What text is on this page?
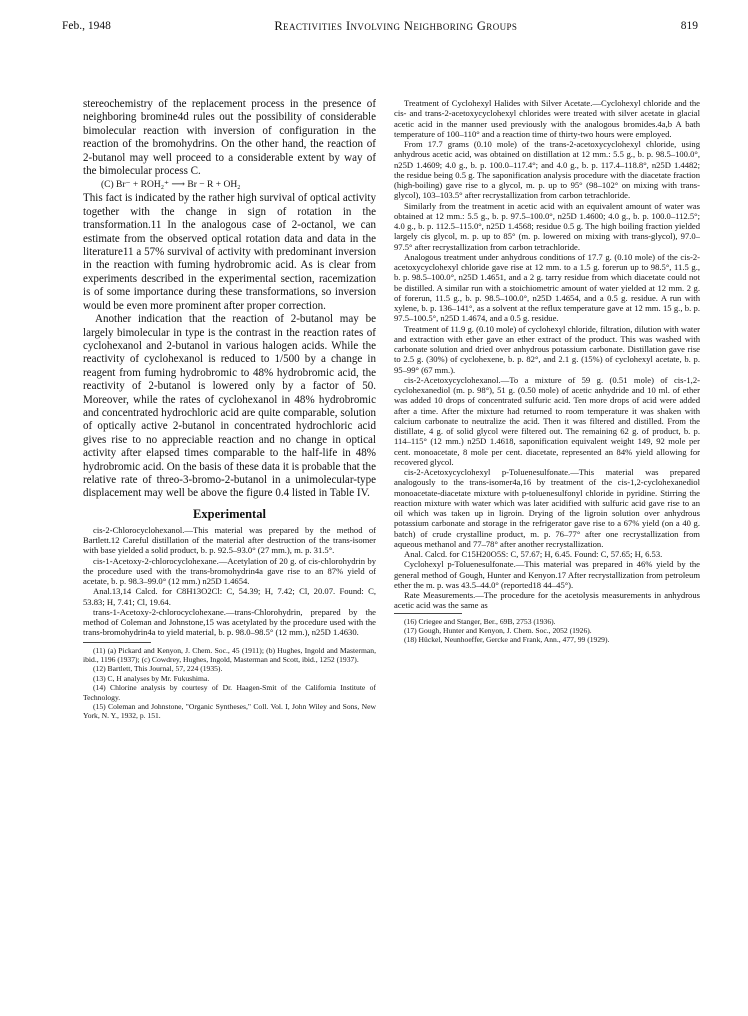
Feb., 1948	Reactivities Involving Neighboring Groups	819

stereochemistry of the replacement process in the presence of neighboring bromine4d rules out the possibility of considerable bimolecular reaction with inversion of configuration in the reaction of the bromohydrins. On the other hand, the reaction of 2-butanol may well proceed to a considerable extent by way of the bimolecular process C.

(C) Br⁻ + ROH₂⁺ ⟶ Br − R + OH₂

This fact is indicated by the rather high survival of optical activity together with the change in sign of rotation in the transformation.11 In the analogous case of 2-octanol, we can estimate from the observed optical rotation data and data in the literature11 a 57% survival of activity with predominant inversion in the reaction with fuming hydrobromic acid. As is clear from experiments described in the experimental section, racemization is of some importance during these transformations, so inversion would be even more prominent after proper correction.

Another indication that the reaction of 2-butanol may be largely bimolecular in type is the contrast in the reaction rates of cyclohexanol and 2-butanol in various halogen acids. While the reactivity of cyclohexanol is reduced to 1/500 by a change in reagent from fuming hydrobromic to 48% hydrobromic acid, the reactivity of 2-butanol is lowered only by a factor of 50. Moreover, while the rates of cyclohexanol in 48% hydrobromic and concentrated hydrochloric acid are quite comparable, solution of optically active 2-butanol in concentrated hydrochloric acid gives rise to no appreciable reaction and no change in optical activity after elapsed times comparable to the half-life in 48% hydrobromic acid. On the basis of these data it is probable that the relative rate of threo-3-bromo-2-butanol in a unimolecular-type displacement may well be above the figure 0.4 listed in Table IV.

Experimental

cis-2-Chlorocyclohexanol.—This material was prepared by the method of Bartlett.12 Careful distillation of the material after destruction of the trans-isomer with base yielded a solid product, b. p. 92.5–93.0° (27 mm.), m. p. 31.5°.

cis-1-Acetoxy-2-chlorocyclohexane.—Acetylation of 20 g. of cis-chlorohydrin by the procedure used with the trans-bromohydrin4a gave rise to an 87% yield of acetate, b. p. 98.3–99.0° (12 mm.) n25D 1.4654.

Anal.13,14 Calcd. for C8H13O2Cl: C, 54.39; H, 7.42; Cl, 20.07. Found: C, 53.83; H, 7.41; Cl, 19.64.

trans-1-Acetoxy-2-chlorocyclohexane.—trans-Chlorohydrin, prepared by the method of Coleman and Johnstone,15 was acetylated by the procedure used with the trans-bromohydrin4a to yield material, b. p. 98.0–98.5° (12 mm.), n25D 1.4630.

(11) (a) Pickard and Kenyon, J. Chem. Soc., 45 (1911); (b) Hughes, Ingold and Masterman, ibid., 1196 (1937); (c) Cowdrey, Hughes, Ingold, Masterman and Scott, ibid., 1252 (1937).

(12) Bartlett, This Journal, 57, 224 (1935).

(13) C, H analyses by Mr. Fukushima.

(14) Chlorine analysis by courtesy of Dr. Haagen-Smit of the California Institute of Technology.

(15) Coleman and Johnstone, "Organic Syntheses," Coll. Vol. I, John Wiley and Sons, New York, N. Y., 1932, p. 151.

Treatment of Cyclohexyl Halides with Silver Acetate.—Cyclohexyl chloride and the cis- and trans-2-acetoxycyclohexyl chlorides were treated with silver acetate in glacial acetic acid in the manner used previously with the analogous bromides.4a,b A bath temperature of 100–110° and a reaction time of thirty-two hours were employed.

From 17.7 grams (0.10 mole) of the trans-2-acetoxycyclohexyl chloride, using anhydrous acetic acid, was obtained on distillation at 12 mm.: 5.5 g., b. p. 98.5–100.0°, n25D 1.4609; 4.0 g., b. p. 100.0–117.4°; and 4.0 g., b. p. 117.4–118.8°, n25D 1.4482; the residue being 0.5 g. The saponification analysis procedure with the diacetate fraction (high-boiling) gave rise to a glycol, m. p. up to 95° (98–102° on mixing with trans-glycol), 103–103.5° after recrystallization from carbon tetrachloride.

Similarly from the treatment in acetic acid with an equivalent amount of water was obtained at 12 mm.: 5.5 g., b. p. 97.5–100.0°, n25D 1.4600; 4.0 g., b. p. 100.0–112.5°; 4.0 g., b. p. 112.5–115.0°, n25D 1.4568; residue 0.5 g. The high boiling fraction yielded largely cis glycol, m. p. up to 85° (m. p. lowered on mixing with trans-glycol), 97.0–97.5° after recrystallization from carbon tetrachloride.

Analogous treatment under anhydrous conditions of 17.7 g. (0.10 mole) of the cis-2-acetoxycyclohexyl chloride gave rise at 12 mm. to a 1.5 g. forerun up to 98.5°, 11.5 g., b. p. 98.5–100.0°, n25D 1.4651, and a 2 g. tarry residue from which diacetate could not be distilled. A similar run with a stoichiometric amount of water yielded at 12 mm. 2 g. of forerun, 11.5 g., b. p. 98.5–100.0°, n25D 1.4654, and a 0.5 g. residue. A run with xylene, b. p. 136–141°, as a solvent at the reflux temperature gave at 12 mm. 15 g., b. p. 97.5–100.5°, n25D 1.4674, and a 0.5 g. residue.

Treatment of 11.9 g. (0.10 mole) of cyclohexyl chloride, filtration, dilution with water and extraction with ether gave an ether extract of the product. This was washed with carbonate solution and dried over anhydrous potassium carbonate. Distillation gave rise to 2.5 g. (30%) of cyclohexene, b. p. 82°, and 2.1 g. (15%) of cyclohexyl acetate, b. p. 95–99° (67 mm.).

cis-2-Acetoxycyclohexanol.—To a mixture of 59 g. (0.51 mole) of cis-1,2-cyclohexanediol (m. p. 98°), 51 g. (0.50 mole) of acetic anhydride and 10 ml. of ether was added 10 drops of concentrated sulfuric acid. Ten more drops of acid were added after a time. After the mixture had returned to room temperature it was shaken with calcium carbonate to neutralize the acid. Then it was filtered and distilled. From the distillate, 4 g. of solid glycol were filtered out. The remaining 62 g. of product, b. p. 114–115° (12 mm.) n25D 1.4618, saponification equivalent weight 149, 92 mole per cent. monoacetate, 8 mole per cent. diacetate, represented an 84% yield allowing for recovered glycol.

cis-2-Acetoxycyclohexyl p-Toluenesulfonate.—This material was prepared analogously to the trans-isomer4a,16 by treatment of the cis-1,2-cyclohexanediol monoacetate-diacetate mixture with p-toluenesulfonyl chloride in pyridine. Stirring the reaction mixture with water which was later acidified with sulfuric acid gave rise to an oil which was taken up in ligroin. Drying of the ligroin solution over anhydrous potassium carbonate and storage in the refrigerator gave rise to a 67% yield (on a 40 g. batch) of crude crystalline product, m. p. 76–77° after one recrystallization from aqueous methanol and 77–78° after another recrystallization.

Anal. Calcd. for C15H20O5S: C, 57.67; H, 6.45. Found: C, 57.65; H, 6.53.

Cyclohexyl p-Toluenesulfonate.—This material was prepared in 46% yield by the general method of Gough, Hunter and Kenyon.17 After recrystallization from petroleum ether the m. p. was 43.5–44.0° (reported18 44–45°).

Rate Measurements.—The procedure for the acetolysis measurements in anhydrous acetic acid was the same as

(16) Criegee and Stanger, Ber., 69B, 2753 (1936).

(17) Gough, Hunter and Kenyon, J. Chem. Soc., 2052 (1926).

(18) Hückel, Neunhoeffer, Gercke and Frank, Ann., 477, 99 (1929).
